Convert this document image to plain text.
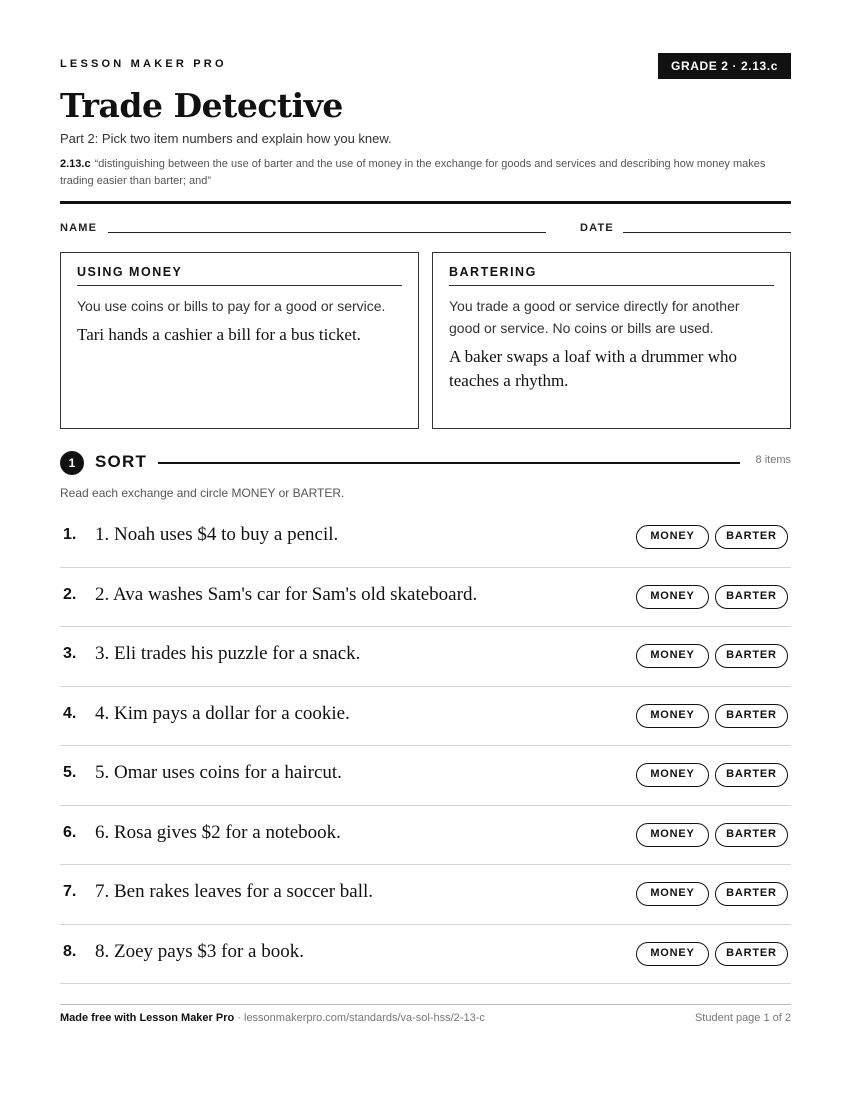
LESSON MAKER PRO	GRADE 2 · 2.13.c
Trade Detective
Part 2: Pick two item numbers and explain how you knew.
2.13.c “distinguishing between the use of barter and the use of money in the exchange for goods and services and describing how money makes trading easier than barter; and”
NAME	DATE
USING MONEY
You use coins or bills to pay for a good or service.
Tari hands a cashier a bill for a bus ticket.
BARTERING
You trade a good or service directly for another good or service. No coins or bills are used.
A baker swaps a loaf with a drummer who teaches a rhythm.
1	SORT	8 items
Read each exchange and circle MONEY or BARTER.
1. 1. Noah uses $4 to buy a pencil.	MONEY	BARTER
2. 2. Ava washes Sam's car for Sam's old skateboard.	MONEY	BARTER
3. 3. Eli trades his puzzle for a snack.	MONEY	BARTER
4. 4. Kim pays a dollar for a cookie.	MONEY	BARTER
5. 5. Omar uses coins for a haircut.	MONEY	BARTER
6. 6. Rosa gives $2 for a notebook.	MONEY	BARTER
7. 7. Ben rakes leaves for a soccer ball.	MONEY	BARTER
8. 8. Zoey pays $3 for a book.	MONEY	BARTER
Made free with Lesson Maker Pro · lessonmakerpro.com/standards/va-sol-hss/2-13-c	Student page 1 of 2
